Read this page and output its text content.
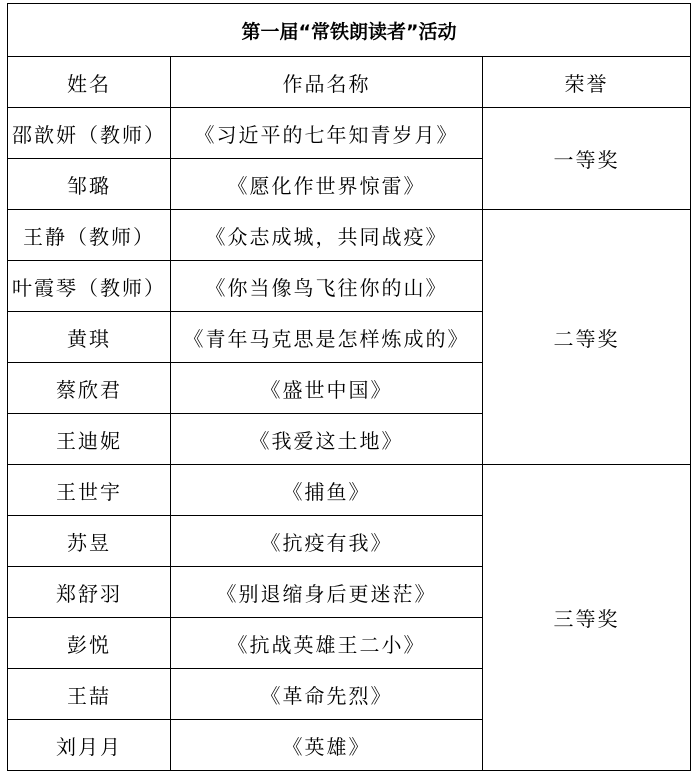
第一届“常铁朗读者”活动		
姓名	作品名称	荣誉
邵歆妍（教师）	《习近平的七年知青岁月》	一等奖
邹璐	《愿化作世界惊雷》	
王静（教师）	《众志成城，共同战疫》	二等奖
叶霞琴（教师）	《你当像鸟飞往你的山》	
黄琪	《青年马克思是怎样炼成的》	
蔡欣君	《盛世中国》	
王迪妮	《我爱这土地》	
王世宇	《捕鱼》	三等奖
苏昱	《抗疫有我》	
郑舒羽	《别退缩身后更迷茫》	
彭悦	《抗战英雄王二小》	
王喆	《革命先烈》	
刘月月	《英雄》	
